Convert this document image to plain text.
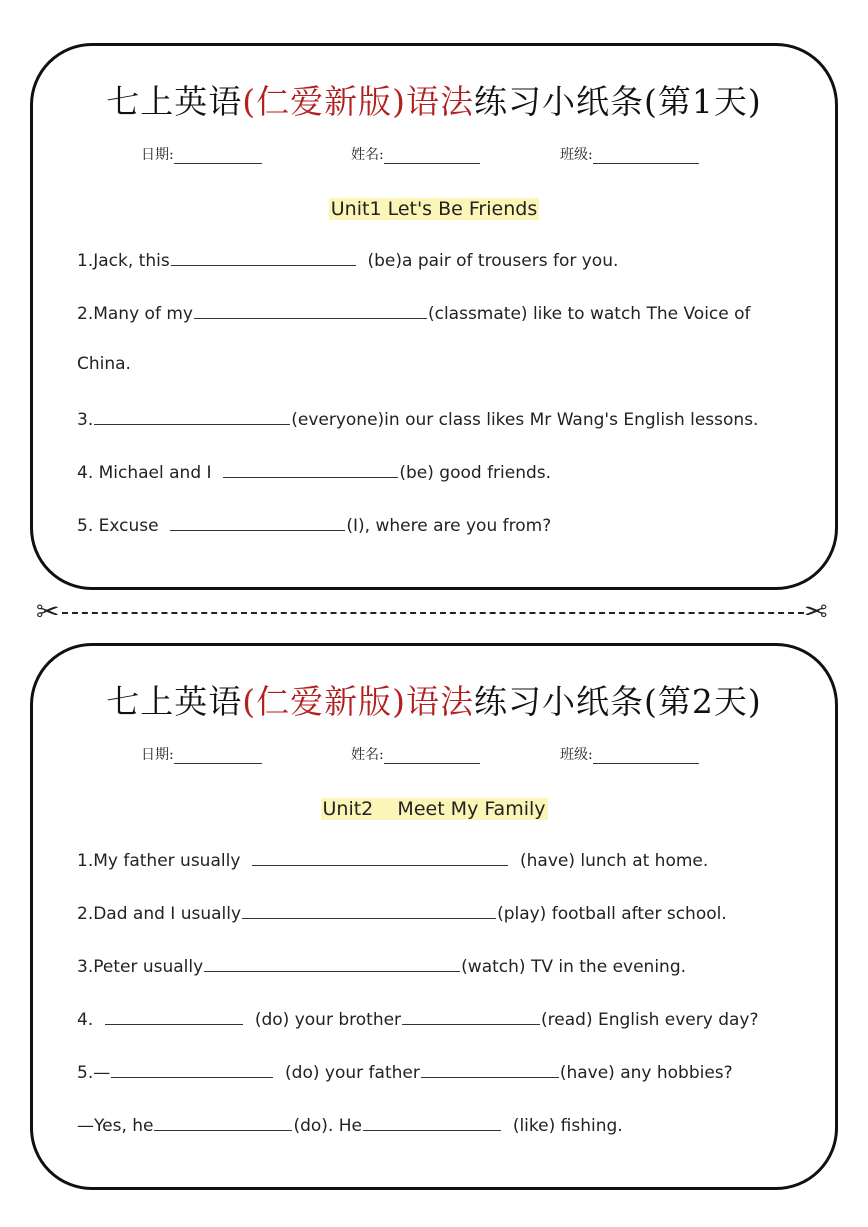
七上英语(仁爱新版)语法练习小纸条(第1天)
日期:	姓名:	班级:
Unit1 Let's Be Friends
1.Jack, this	(be)a pair of trousers for you.
2.Many of my	(classmate) like to watch The Voice of
China.
3.	(everyone)in our class likes Mr Wang's English lessons.
4. Michael and I	(be) good friends.
5. Excuse	(I), where are you from?
✂	✂
七上英语(仁爱新版)语法练习小纸条(第2天)
日期:	姓名:	班级:
Unit2    Meet My Family
1.My father usually	(have) lunch at home.
2.Dad and I usually	(play) football after school.
3.Peter usually	(watch) TV in the evening.
4.	(do) your brother	(read) English every day?
5.—	(do) your father	(have) any hobbies?
—Yes, he	(do). He	(like) fishing.
